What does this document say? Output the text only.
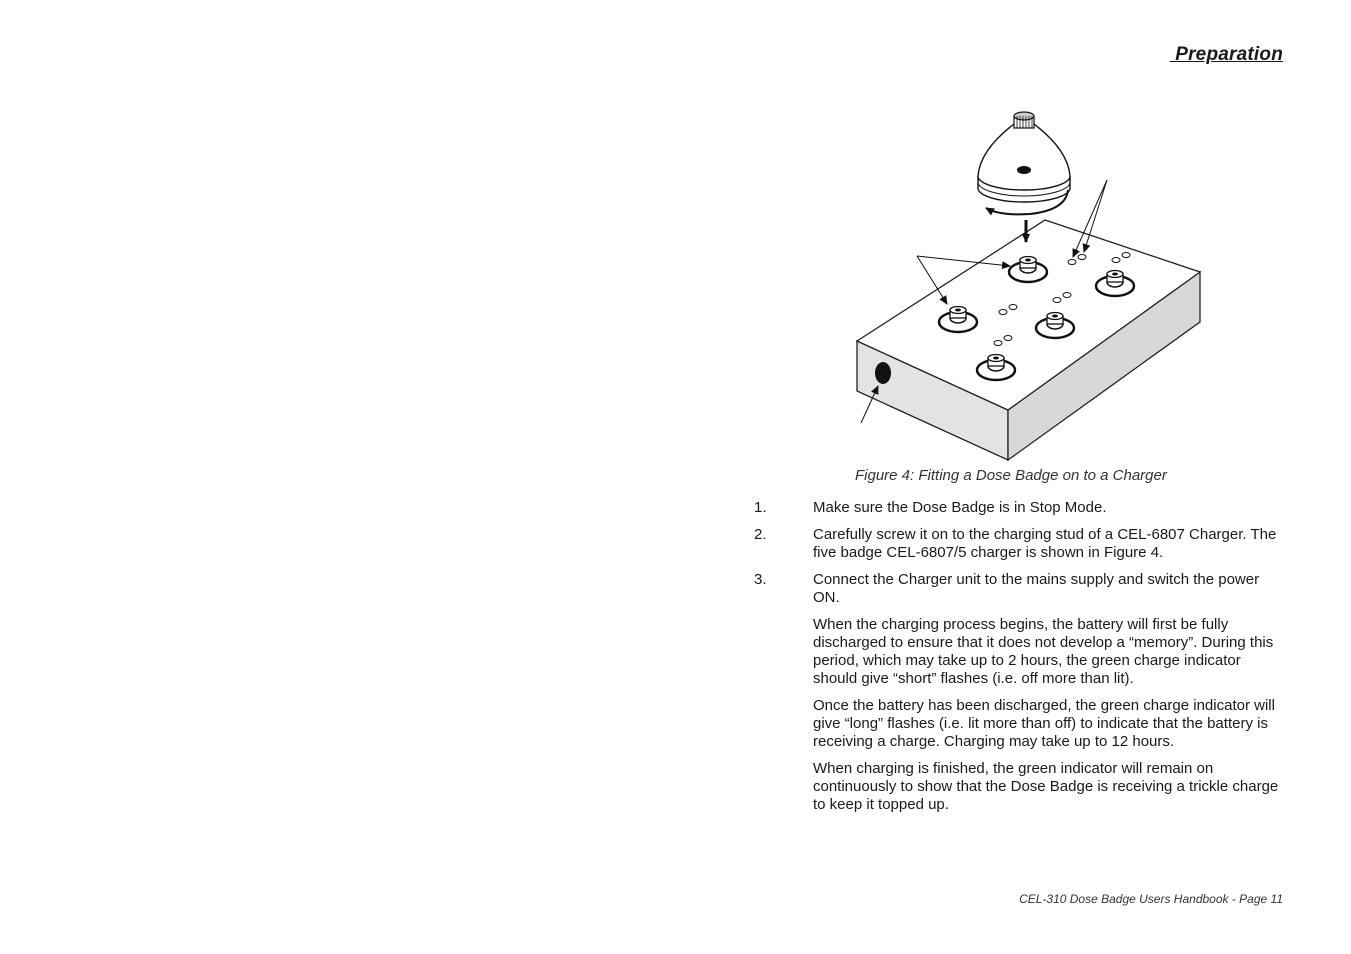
Preparation
Figure 4: Fitting a Dose Badge on to a Charger
1.	Make sure the Dose Badge is in Stop Mode.
2.	Carefully screw it on to the charging stud of a CEL-6807 Charger. The five badge CEL-6807/5 charger is shown in Figure 4.
3.	Connect the Charger unit to the mains supply and switch the power ON.

When the charging process begins, the battery will first be fully discharged to ensure that it does not develop a “memory”. During this period, which may take up to 2 hours, the green charge indicator should give “short” flashes (i.e. off more than lit).

Once the battery has been discharged, the green charge indicator will give “long” flashes (i.e. lit more than off) to indicate that the battery is receiving a charge. Charging may take up to 12 hours.

When charging is finished, the green indicator will remain on continuously to show that the Dose Badge is receiving a trickle charge to keep it topped up.

CEL-310 Dose Badge Users Handbook - Page 11
